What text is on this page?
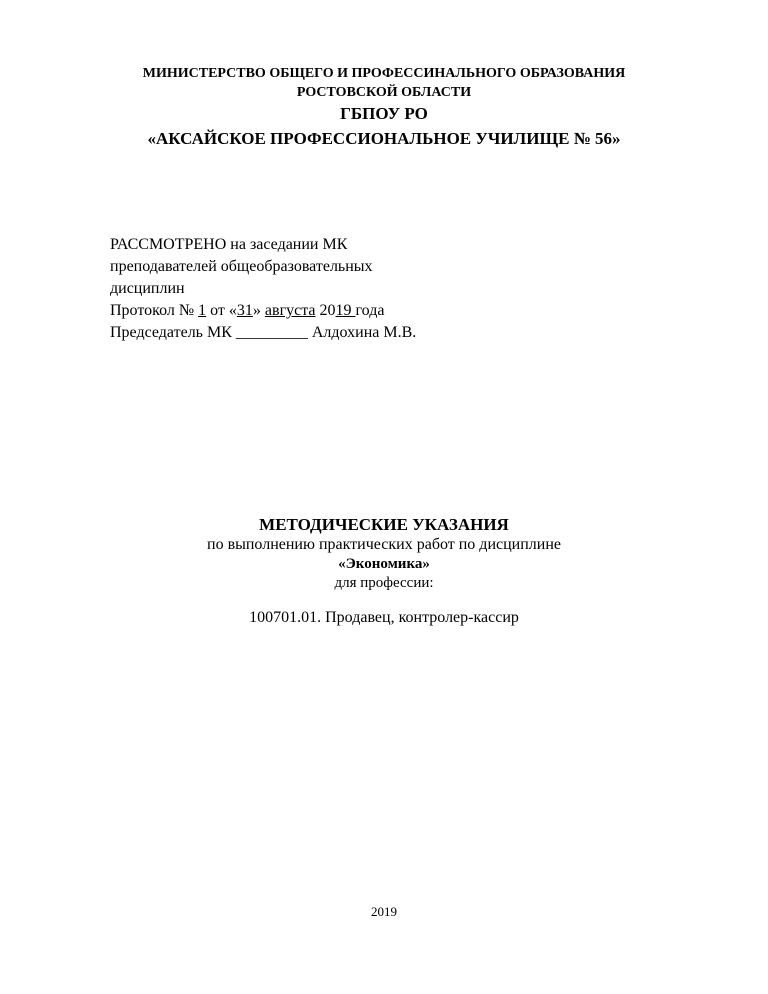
МИНИСТЕРСТВО ОБЩЕГО И ПРОФЕССИНАЛЬНОГО ОБРАЗОВАНИЯ
РОСТОВСКОЙ ОБЛАСТИ
ГБПОУ РО
«АКСАЙСКОЕ ПРОФЕССИОНАЛЬНОЕ УЧИЛИЩЕ № 56»
РАССМОТРЕНО на заседании МК
преподавателей общеобразовательных
дисциплин
Протокол № 1 от «31» августа 2019 года
Председатель МК _________ Алдохина М.В.
МЕТОДИЧЕСКИЕ УКАЗАНИЯ
по выполнению практических работ по дисциплине
«Экономика»
для профессии:
100701.01. Продавец, контролер-кассир
2019
